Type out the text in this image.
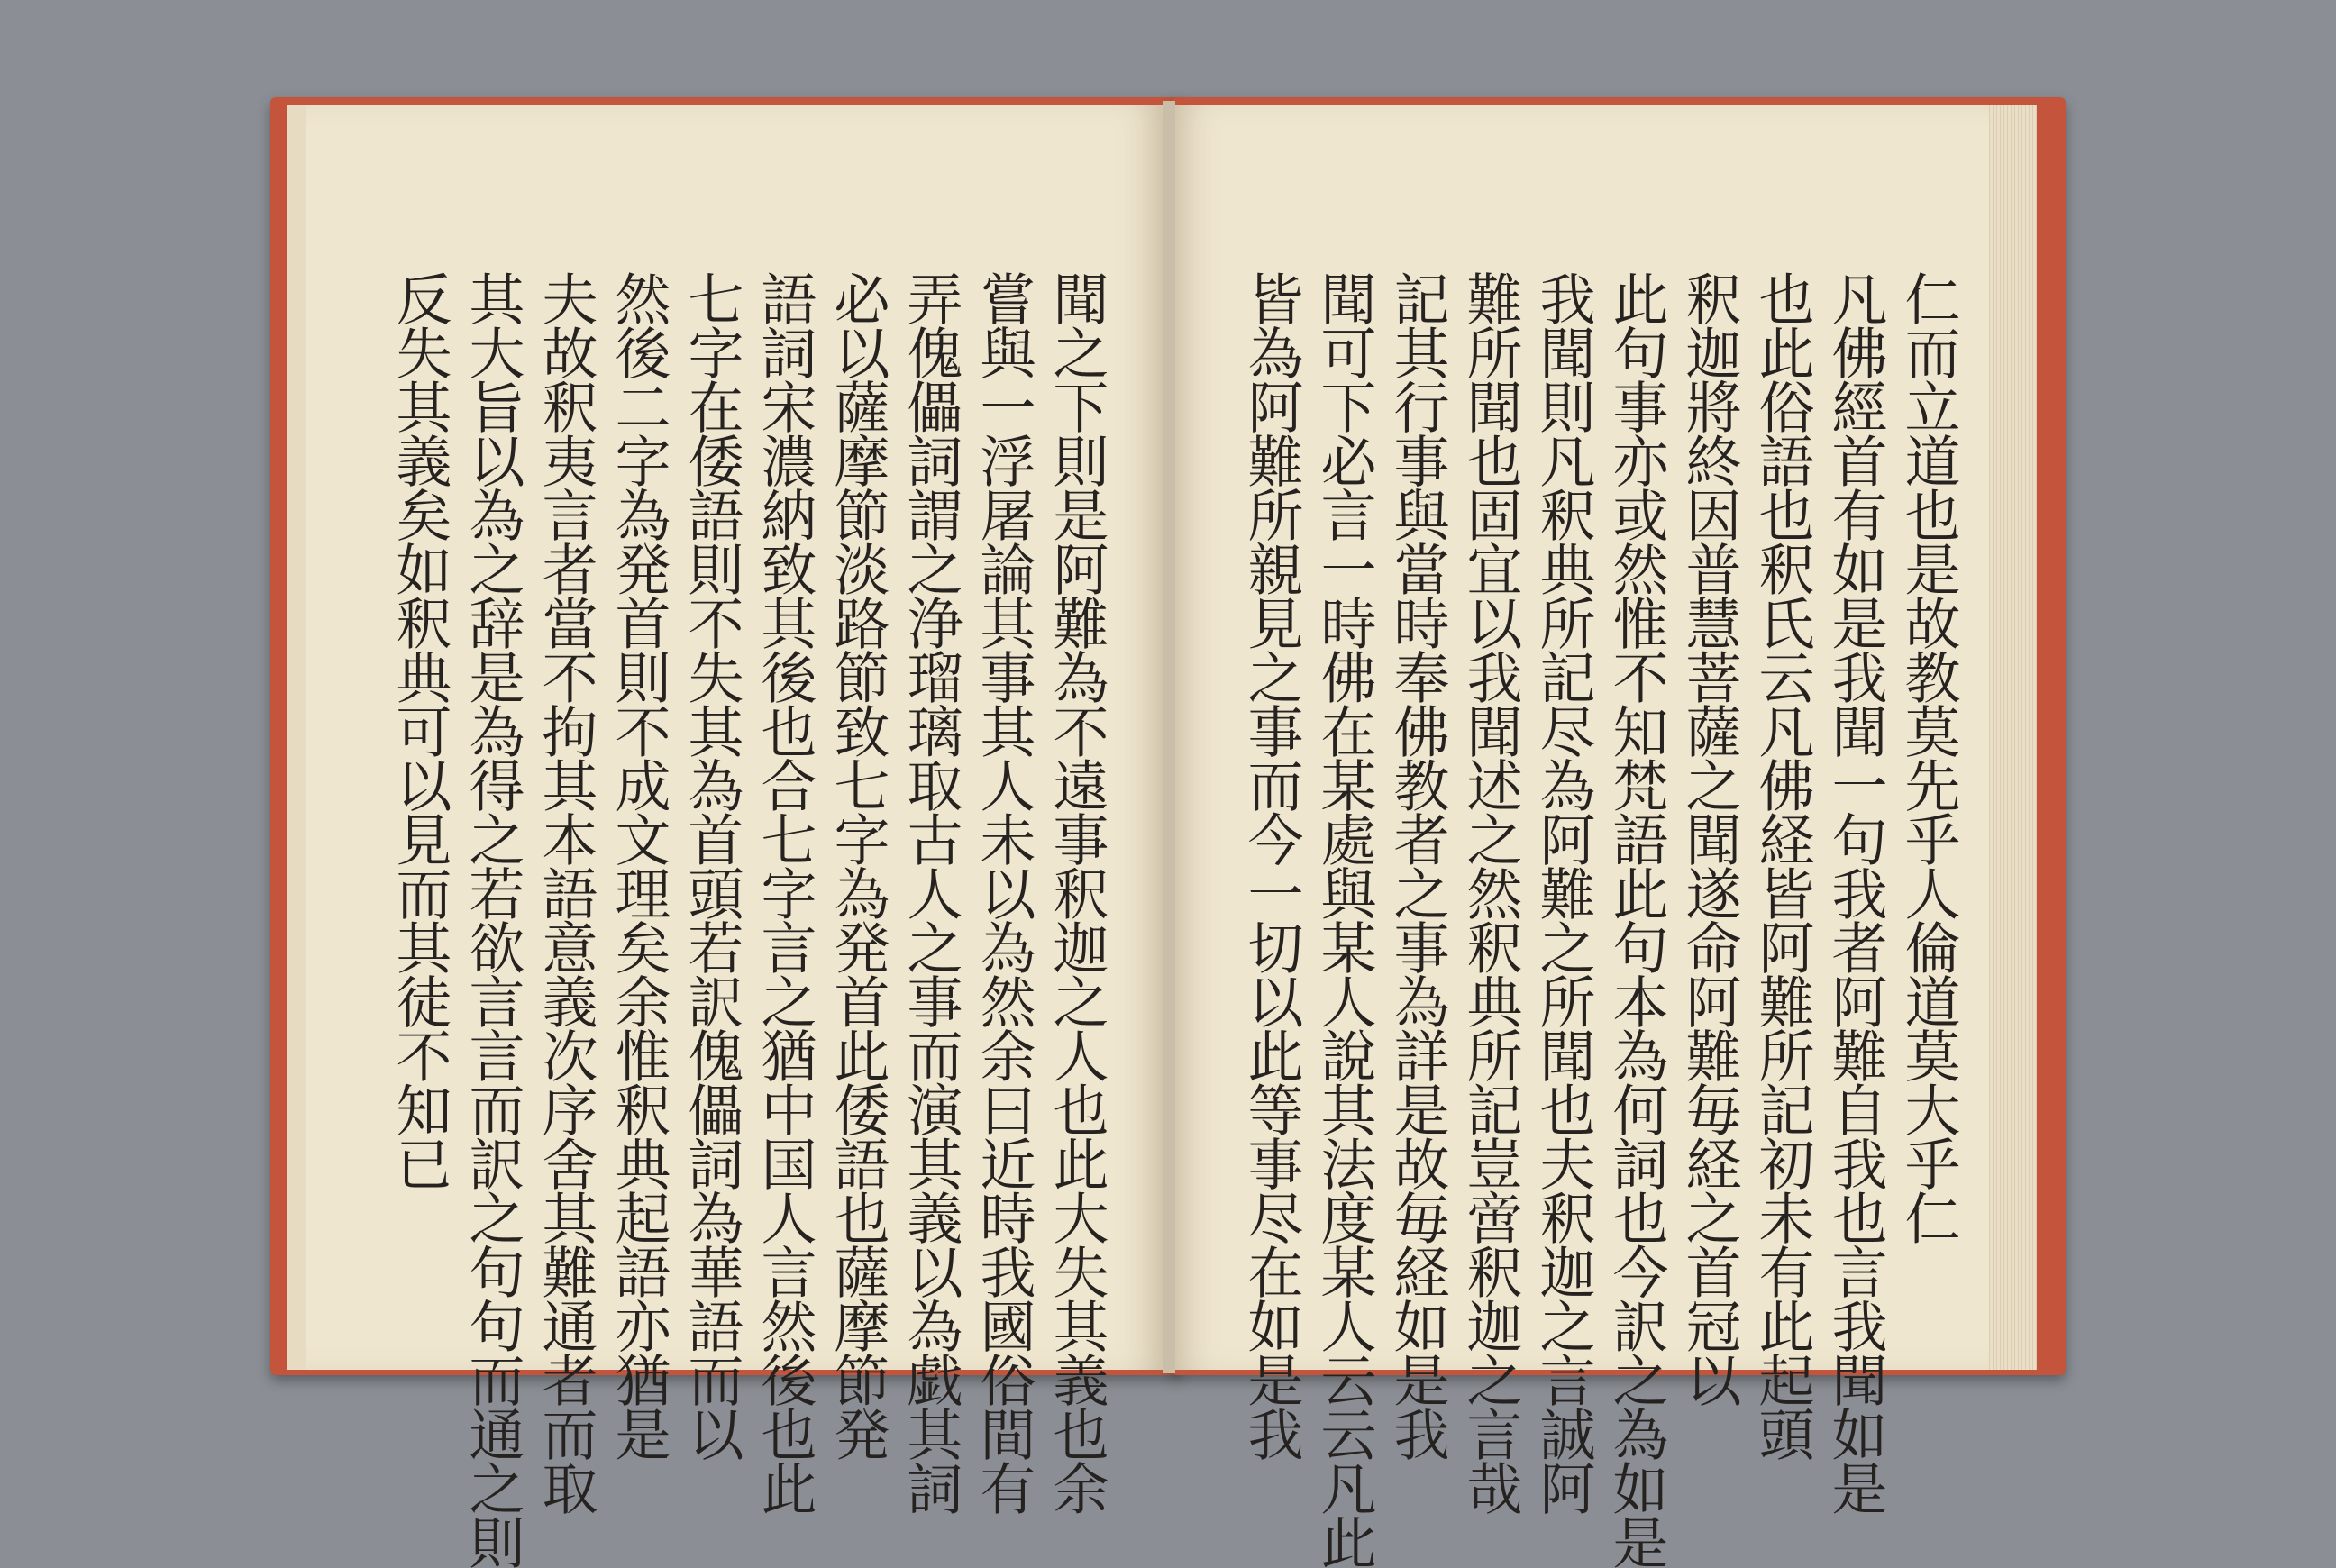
仁而立道也是故教莫先乎人倫道莫大乎仁
凡佛經首有如是我聞一句我者阿難自我也言我聞如是
也此俗語也釈氏云凡佛経皆阿難所記初未有此起頭
釈迦將終因普慧菩薩之聞遂命阿難毎経之首冠以
此句事亦或然惟不知梵語此句本為何詞也今訳之為如是
我聞則凡釈典所記尽為阿難之所聞也夫釈迦之言誠阿
難所聞也固宜以我聞述之然釈典所記豈啻釈迦之言哉
記其行事與當時奉佛教者之事為詳是故毎経如是我
聞可下必言一時佛在某處與某人說其法度某人云云凡此
皆為阿難所親見之事而今一切以此等事尽在如是我
聞之下則是阿難為不遠事釈迦之人也此大失其義也余
嘗與一浮屠論其事其人未以為然余曰近時我國俗間有
弄傀儡詞謂之浄瑠璃取古人之事而演其義以為戯其詞
必以薩摩節淡路節致七字為発首此倭語也薩摩節発
語詞宋濃納致其後也合七字言之猶中国人言然後也此
七字在倭語則不失其為首頭若訳傀儡詞為華語而以
然後二字為発首則不成文理矣余惟釈典起語亦猶是
夫故釈夷言者當不拘其本語意義次序舍其難通者而取
其大旨以為之辞是為得之若欲言言而訳之句句而通之則
反失其義矣如釈典可以見而其徒不知已
